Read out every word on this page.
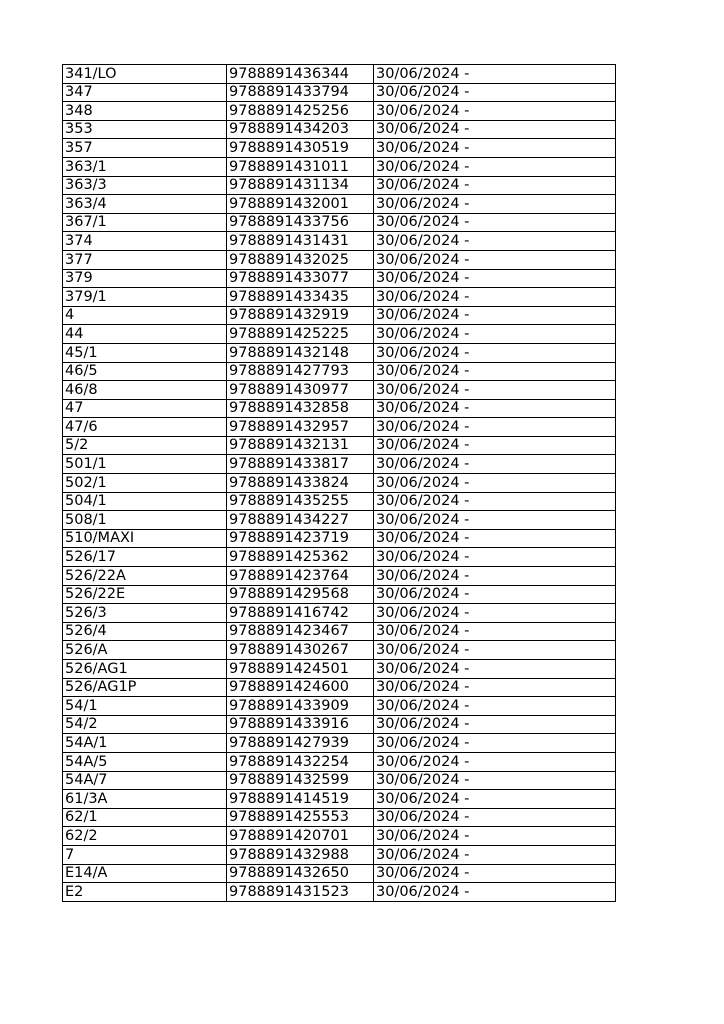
341/LO	9788891436344	30/06/2024 -
347	9788891433794	30/06/2024 -
348	9788891425256	30/06/2024 -
353	9788891434203	30/06/2024 -
357	9788891430519	30/06/2024 -
363/1	9788891431011	30/06/2024 -
363/3	9788891431134	30/06/2024 -
363/4	9788891432001	30/06/2024 -
367/1	9788891433756	30/06/2024 -
374	9788891431431	30/06/2024 -
377	9788891432025	30/06/2024 -
379	9788891433077	30/06/2024 -
379/1	9788891433435	30/06/2024 -
4	9788891432919	30/06/2024 -
44	9788891425225	30/06/2024 -
45/1	9788891432148	30/06/2024 -
46/5	9788891427793	30/06/2024 -
46/8	9788891430977	30/06/2024 -
47	9788891432858	30/06/2024 -
47/6	9788891432957	30/06/2024 -
5/2	9788891432131	30/06/2024 -
501/1	9788891433817	30/06/2024 -
502/1	9788891433824	30/06/2024 -
504/1	9788891435255	30/06/2024 -
508/1	9788891434227	30/06/2024 -
510/MAXI	9788891423719	30/06/2024 -
526/17	9788891425362	30/06/2024 -
526/22A	9788891423764	30/06/2024 -
526/22E	9788891429568	30/06/2024 -
526/3	9788891416742	30/06/2024 -
526/4	9788891423467	30/06/2024 -
526/A	9788891430267	30/06/2024 -
526/AG1	9788891424501	30/06/2024 -
526/AG1P	9788891424600	30/06/2024 -
54/1	9788891433909	30/06/2024 -
54/2	9788891433916	30/06/2024 -
54A/1	9788891427939	30/06/2024 -
54A/5	9788891432254	30/06/2024 -
54A/7	9788891432599	30/06/2024 -
61/3A	9788891414519	30/06/2024 -
62/1	9788891425553	30/06/2024 -
62/2	9788891420701	30/06/2024 -
7	9788891432988	30/06/2024 -
E14/A	9788891432650	30/06/2024 -
E2	9788891431523	30/06/2024 -
